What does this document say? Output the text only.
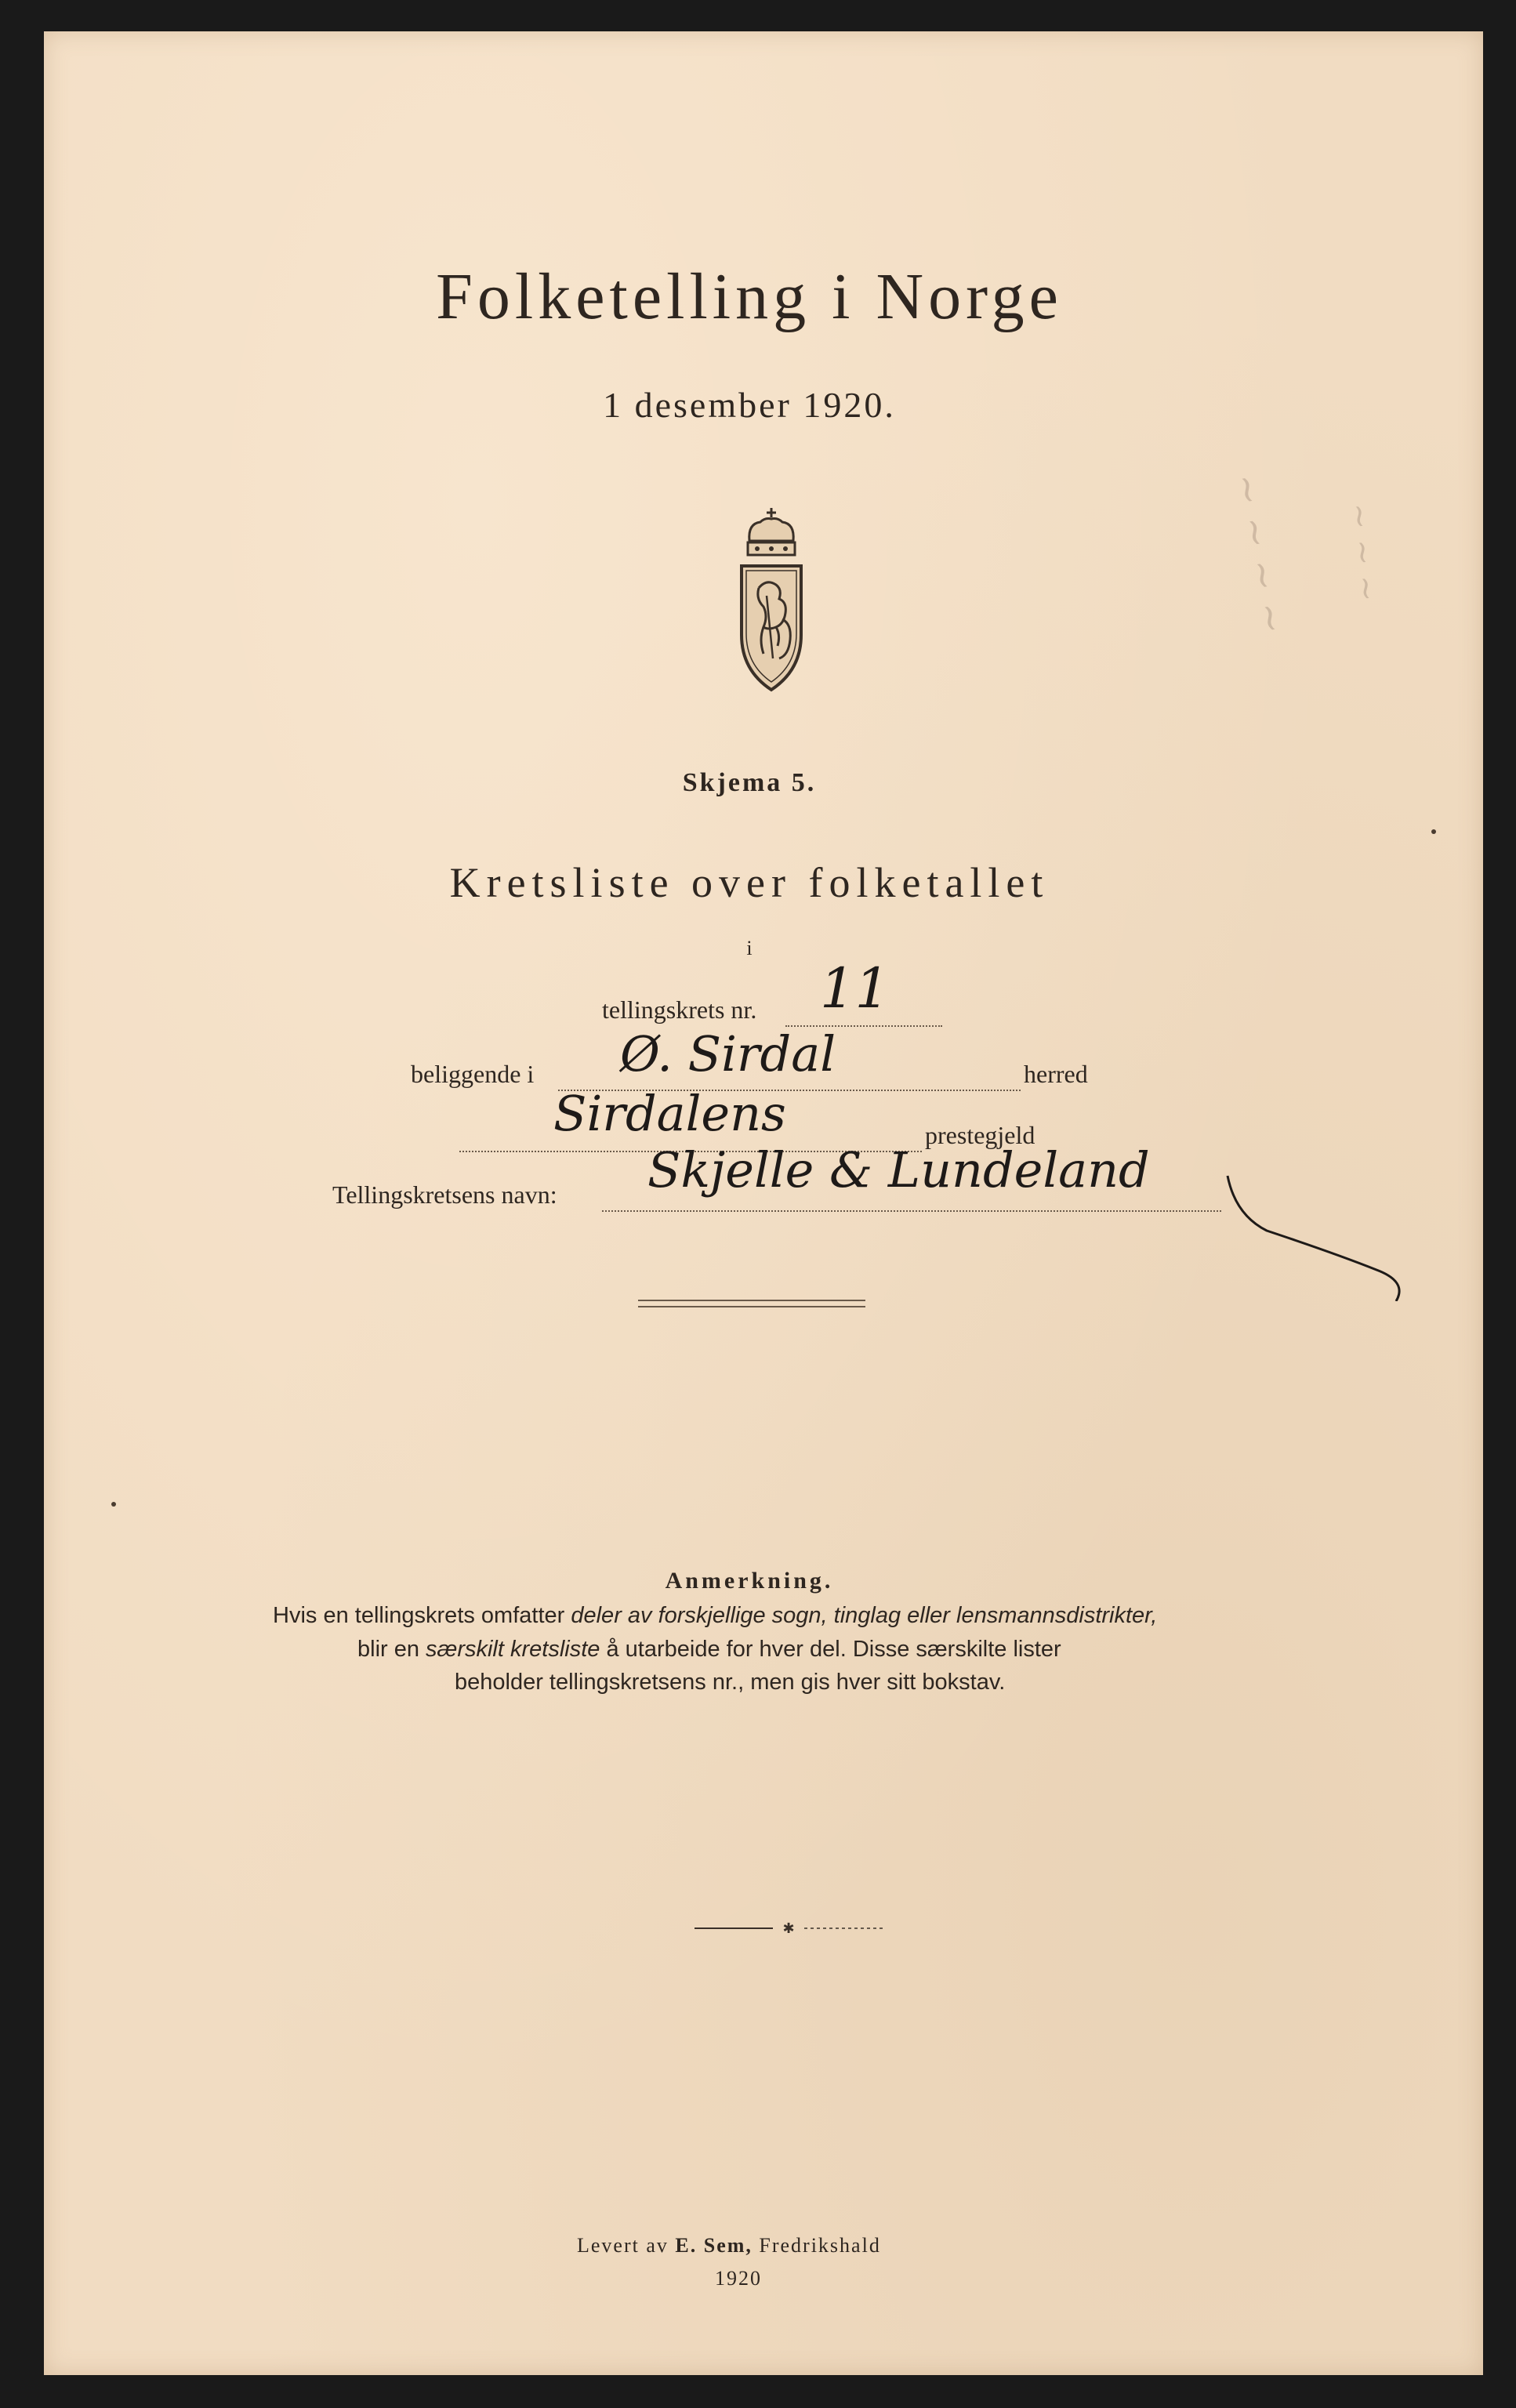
~ ~ ~ ~ ~ ~ ~
Folketelling i Norge
1 desember 1920.
Skjema 5.
Kretsliste over folketallet
i
tellingskrets nr. 11
beliggende i Ø. Sirdal	herred
Sirdalens	prestegjeld
Tellingskretsens navn: Skjelle & Lundeland
Anmerkning.
Hvis en tellingskrets omfatter deler av forskjellige sogn, tinglag eller lensmannsdistrikter,
blir en særskilt kretsliste å utarbeide for hver del. Disse særskilte lister
beholder tellingskretsens nr., men gis hver sitt bokstav.
✱
Levert av E. Sem, Fredrikshald
1920
